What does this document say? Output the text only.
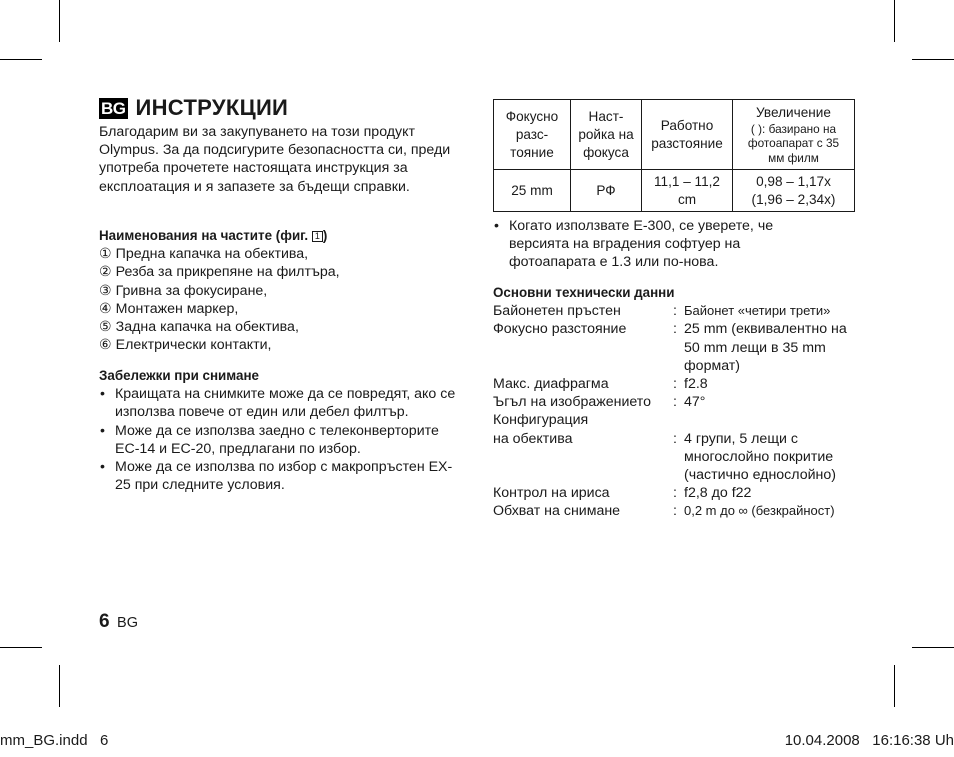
BG ИНСТРУКЦИИ

Благодарим ви за закупуването на този продукт Olympus. За да подсигурите безопасността си, преди употреба прочетете настоящата инструкция за експлоатация и я запазете за бъдещи справки.

Наименования на частите (фиг. 1 )
① Предна капачка на обектива,
② Резба за прикрепяне на филтъра,
③ Гривна за фокусиране,
④ Монтажен маркер,
⑤ Задна капачка на обектива,
⑥ Електрически контакти,
Забележки при снимане
• Краищата на снимките може да се повредят, ако се използва повече от един или дебел филтър.
• Може да се използва заедно с телеконверторите EC-14 и EC-20, предлагани по избор.
• Може да се използва по избор с макропръстен EX-25 при следните условия.
6 BG
Фокусно разс-тояние	Наст-ройка на фокуса	Работно разстояние	Увеличение
( ): базирано на фотоапарат с 35 мм филм

25 mm	РФ	11,1 – 11,2 cm	0,98 – 1,17x (1,96 – 2,34x)
• Когато използвате E-300, се уверете, че версията на вградения софтуер на фотоапарата е 1.3 или по-нова.
Основни технически данни
Байонетен пръстен	: Байонет «четири трети»
Фокусно разстояние	: 25 mm (еквивалентно на 50 mm лещи в 35 mm формат)
Макс. диафрагма	: f2.8
Ъгъл на изображението	: 47°
Конфигурация
на обектива	: 4 групи, 5 лещи с многослойно покритие (частично еднослойно)
Контрол на ириса	: f2,8 до f22
Обхват на снимане	: 0,2 m до ∞ (безкрайност)
mm_BG.indd   6	10.04.2008   16:16:38 Uh
